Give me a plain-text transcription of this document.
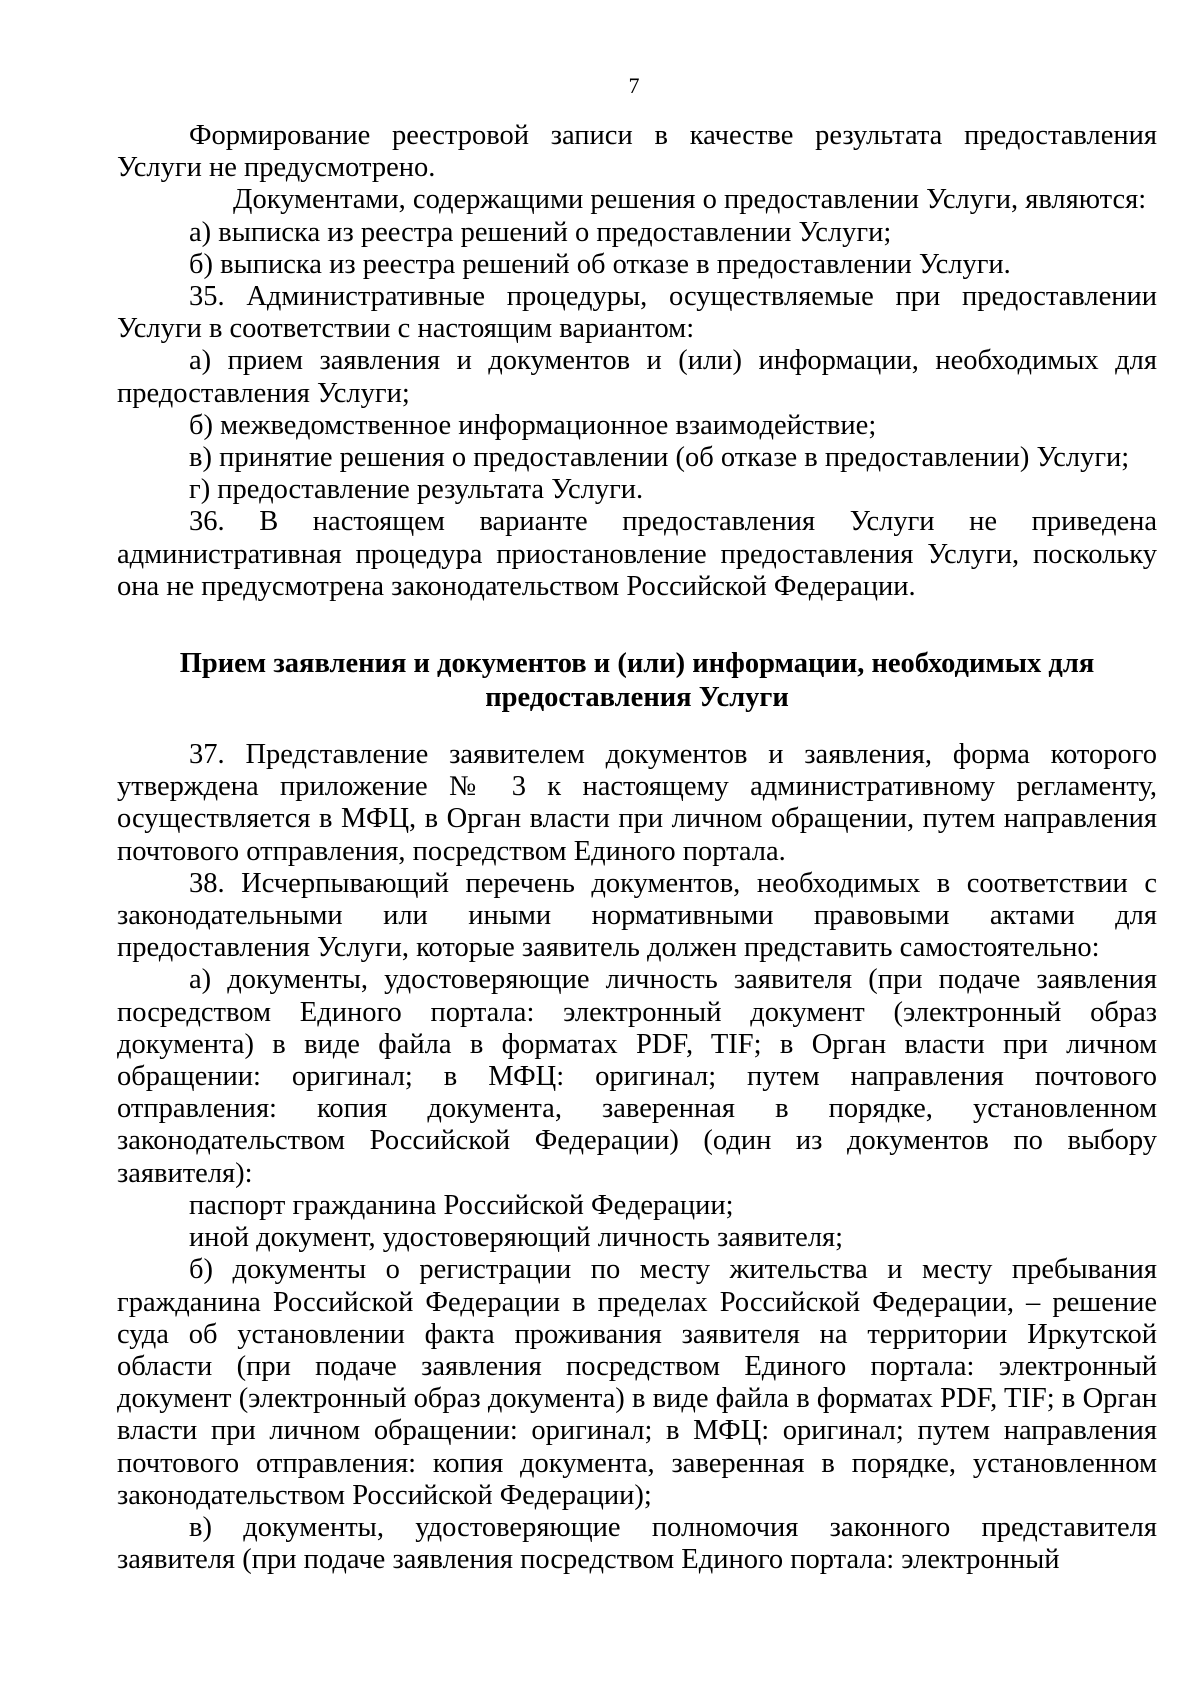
7

Формирование реестровой записи в качестве результата предоставления Услуги не предусмотрено.

Документами, содержащими решения о предоставлении Услуги, являются:

а) выписка из реестра решений о предоставлении Услуги;

б) выписка из реестра решений об отказе в предоставлении Услуги.

35. Административные процедуры, осуществляемые при предоставлении Услуги в соответствии с настоящим вариантом:

а) прием заявления и документов и (или) информации, необходимых для предоставления Услуги;

б) межведомственное информационное взаимодействие;

в) принятие решения о предоставлении (об отказе в предоставлении) Услуги;

г) предоставление результата Услуги.

36. В настоящем варианте предоставления Услуги не приведена административная процедура приостановление предоставления Услуги, поскольку она не предусмотрена законодательством Российской Федерации.

Прием заявления и документов и (или) информации, необходимых для
предоставления Услуги

37. Представление заявителем документов и заявления, форма которого утверждена приложение № 3 к настоящему административному регламенту, осуществляется в МФЦ, в Орган власти при личном обращении, путем направления почтового отправления, посредством Единого портала.

38. Исчерпывающий перечень документов, необходимых в соответствии с законодательными или иными нормативными правовыми актами для предоставления Услуги, которые заявитель должен представить самостоятельно:

а) документы, удостоверяющие личность заявителя (при подаче заявления посредством Единого портала: электронный документ (электронный образ документа) в виде файла в форматах PDF, TIF; в Орган власти при личном обращении: оригинал; в МФЦ: оригинал; путем направления почтового отправления: копия документа, заверенная в порядке, установленном законодательством Российской Федерации) (один из документов по выбору заявителя):

паспорт гражданина Российской Федерации;

иной документ, удостоверяющий личность заявителя;

б) документы о регистрации по месту жительства и месту пребывания гражданина Российской Федерации в пределах Российской Федерации, – решение суда об установлении факта проживания заявителя на территории Иркутской области (при подаче заявления посредством Единого портала: электронный документ (электронный образ документа) в виде файла в форматах PDF, TIF; в Орган власти при личном обращении: оригинал; в МФЦ: оригинал; путем направления почтового отправления: копия документа, заверенная в порядке, установленном законодательством Российской Федерации);

в) документы, удостоверяющие полномочия законного представителя заявителя (при подаче заявления посредством Единого портала: электронный
